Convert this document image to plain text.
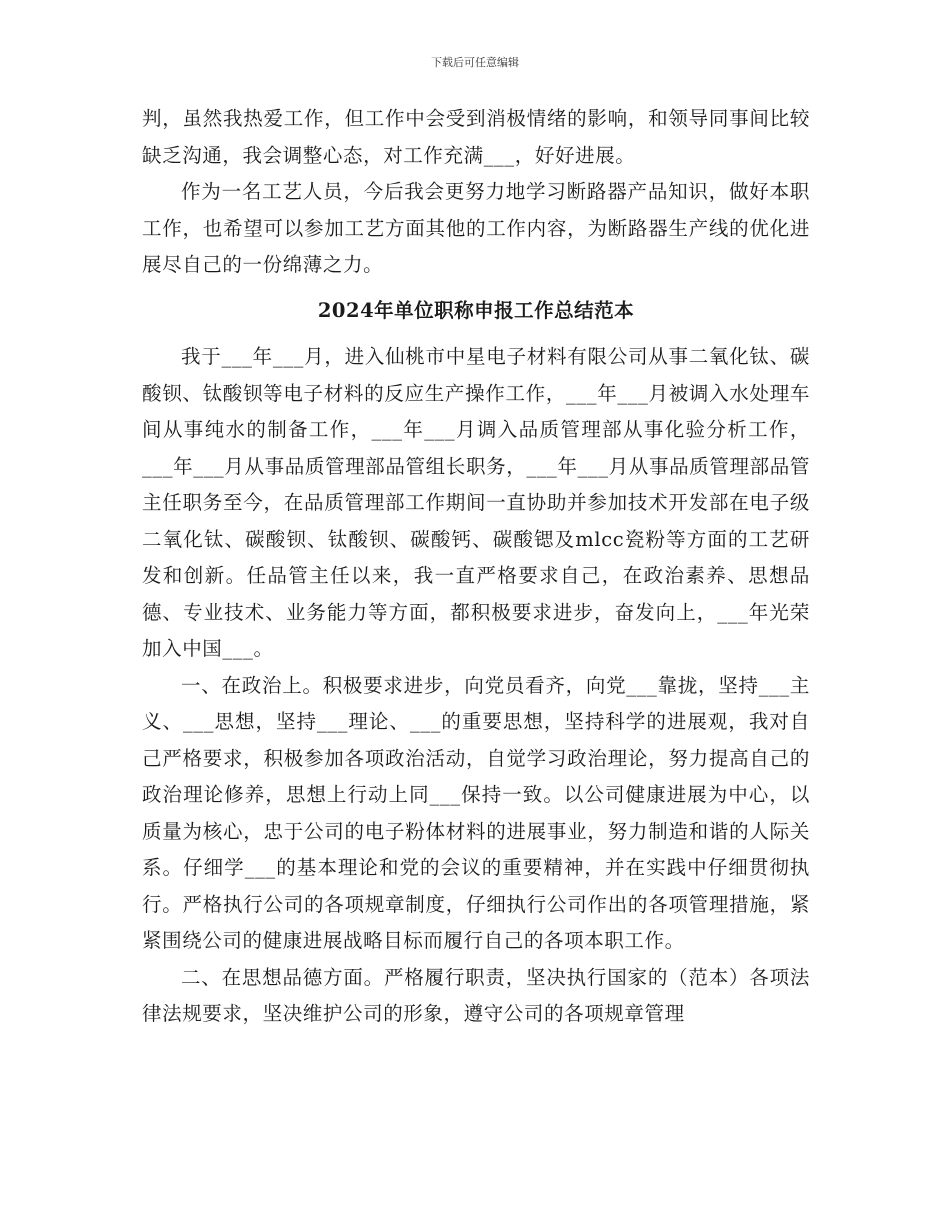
下载后可任意编辑

判，虽然我热爱工作，但工作中会受到消极情绪的影响，和领导同事间比较缺乏沟通，我会调整心态，对工作充满___，好好进展。

作为一名工艺人员，今后我会更努力地学习断路器产品知识，做好本职工作，也希望可以参加工艺方面其他的工作内容，为断路器生产线的优化进展尽自己的一份绵薄之力。

2024年单位职称申报工作总结范本

我于___年___月，进入仙桃市中星电子材料有限公司从事二氧化钛、碳酸钡、钛酸钡等电子材料的反应生产操作工作，___年___月被调入水处理车间从事纯水的制备工作，___年___月调入品质管理部从事化验分析工作，___年___月从事品质管理部品管组长职务，___年___月从事品质管理部品管主任职务至今，在品质管理部工作期间一直协助并参加技术开发部在电子级二氧化钛、碳酸钡、钛酸钡、碳酸钙、碳酸锶及mlcc瓷粉等方面的工艺研发和创新。任品管主任以来，我一直严格要求自己，在政治素养、思想品德、专业技术、业务能力等方面，都积极要求进步，奋发向上，___年光荣加入中国___。

一、在政治上。积极要求进步，向党员看齐，向党___靠拢，坚持___主义、___思想，坚持___理论、___的重要思想，坚持科学的进展观，我对自己严格要求，积极参加各项政治活动，自觉学习政治理论，努力提高自己的政治理论修养，思想上行动上同___保持一致。以公司健康进展为中心，以质量为核心，忠于公司的电子粉体材料的进展事业，努力制造和谐的人际关系。仔细学___的基本理论和党的会议的重要精神，并在实践中仔细贯彻执行。严格执行公司的各项规章制度，仔细执行公司作出的各项管理措施，紧紧围绕公司的健康进展战略目标而履行自己的各项本职工作。

二、在思想品德方面。严格履行职责，坚决执行国家的（范本）各项法律法规要求，坚决维护公司的形象，遵守公司的各项规章管理
